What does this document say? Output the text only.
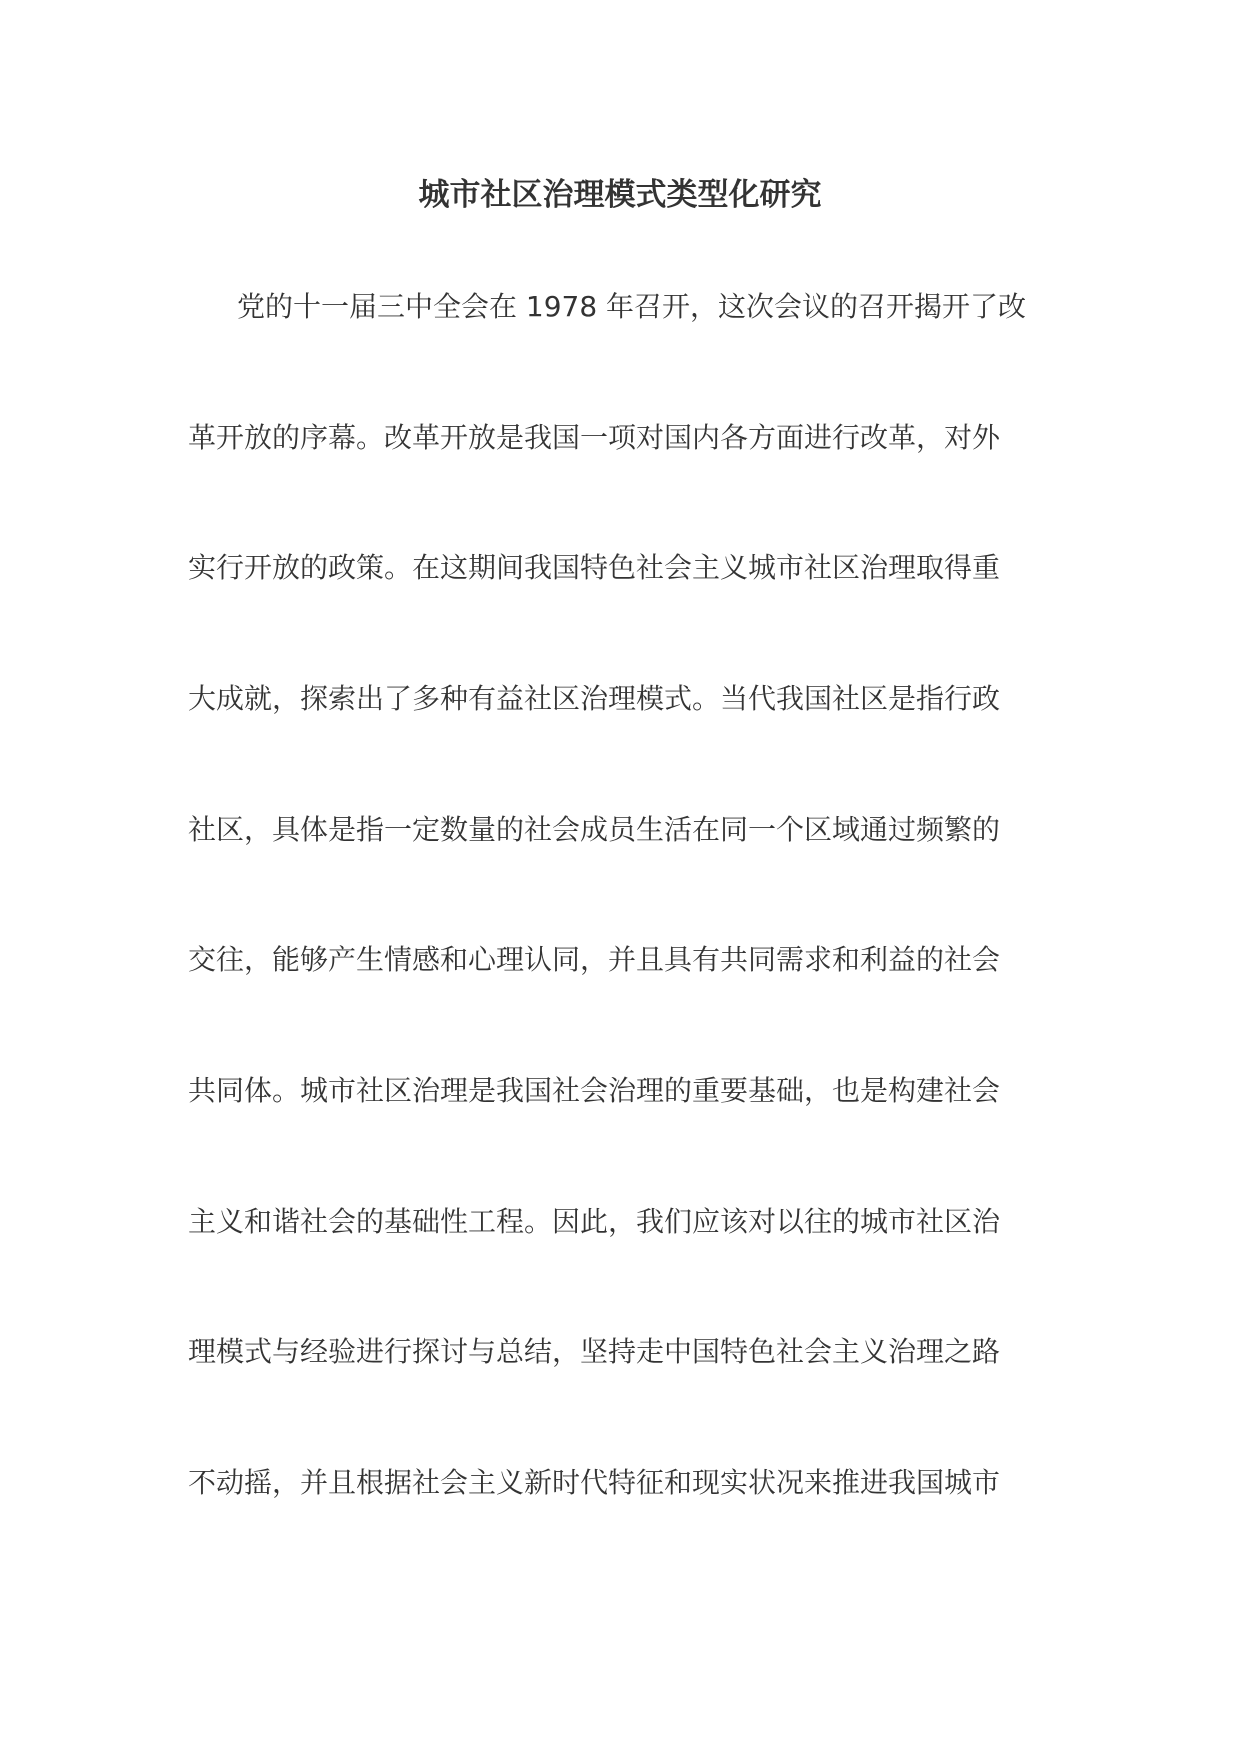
城市社区治理模式类型化研究
党的十一届三中全会在 1978 年召开，这次会议的召开揭开了改
革开放的序幕。改革开放是我国一项对国内各方面进行改革，对外
实行开放的政策。在这期间我国特色社会主义城市社区治理取得重
大成就，探索出了多种有益社区治理模式。当代我国社区是指行政
社区，具体是指一定数量的社会成员生活在同一个区域通过频繁的
交往，能够产生情感和心理认同，并且具有共同需求和利益的社会
共同体。城市社区治理是我国社会治理的重要基础，也是构建社会
主义和谐社会的基础性工程。因此，我们应该对以往的城市社区治
理模式与经验进行探讨与总结，坚持走中国特色社会主义治理之路
不动摇，并且根据社会主义新时代特征和现实状况来推进我国城市
